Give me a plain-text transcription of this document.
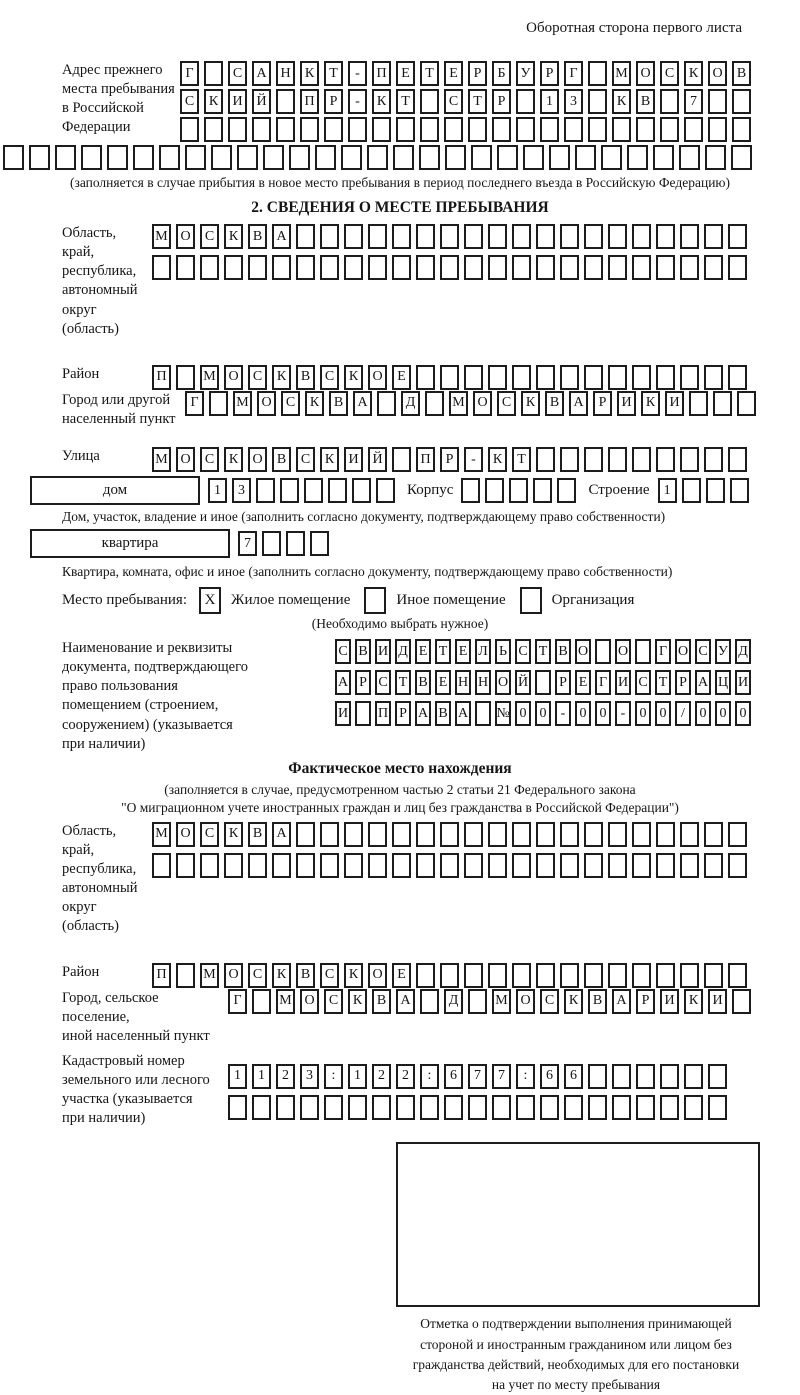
Оборотная сторона первого листа
Адрес прежнего
места пребывания
в Российской
Федерации
Г	С	А Н	К	Т	-	П	Е	Т	Е	Р	Б	У	Р	Г	М О	С	К	О	В
С	К	И Й	П	Р	-	К	Т	С	Т	Р	1	3	К	В	7
(заполняется в случае прибытия в новое место пребывания в период последнего въезда в Российскую Федерацию)
2. СВЕДЕНИЯ О МЕСТЕ ПРЕБЫВАНИЯ
Область, край,
республика,
автономный
округ (область)
М О	С	К	В	А
Район	П	М О	С	К	В	С	К	О	Е
Город или другой
населенный пункт
Г	М О	С	К	В	А	Д	М О	С	К	В	А	Р	И	К	И
Улица	М О	С	К	О	В	С	К	И Й	П	Р	-	К	Т
дом	1	3	Корпус	Строение	1
Дом, участок, владение и иное (заполнить согласно документу, подтверждающему право собственности)
квартира	7
Квартира, комната, офис и иное (заполнить согласно документу, подтверждающему право собственности)
Место пребывания:	X	Жилое помещение	Иное помещение	Организация
(Необходимо выбрать нужное)
Наименование и реквизиты
документа, подтверждающего
право пользования
помещением (строением,
сооружением) (указывается
при наличии)
С В И Д Е Т Е Л Ь С Т В О О Г О С У Д
А Р С Т В Е Н Н О Й Р Е Г И С Т Р А Ц И
И П Р А В А № 0 0	-	0 0	-	0 0	/	0 0 0
Фактическое место нахождения
(заполняется в случае, предусмотренном частью 2 статьи 21 Федерального закона
"О миграционном учете иностранных граждан и лиц без гражданства в Российской Федерации")
Область, край,
республика,
автономный округ
(область)
М О	С	К	В	А
Район	П	М О	С	К	В	С	К	О	Е
Город, сельское поселение,
иной населенный пункт
Г	М О	С	К	В	А	Д	М О	С	К	В	А	Р	И	К	И
Кадастровый номер
земельного или лесного
участка (указывается
при наличии)
1	1	2	3	:	1	2	2	:	6	7	7	:	6	6
Отметка о подтверждении выполнения принимающей
стороной и иностранным гражданином или лицом без
гражданства действий, необходимых для его постановки
на учет по месту пребывания
